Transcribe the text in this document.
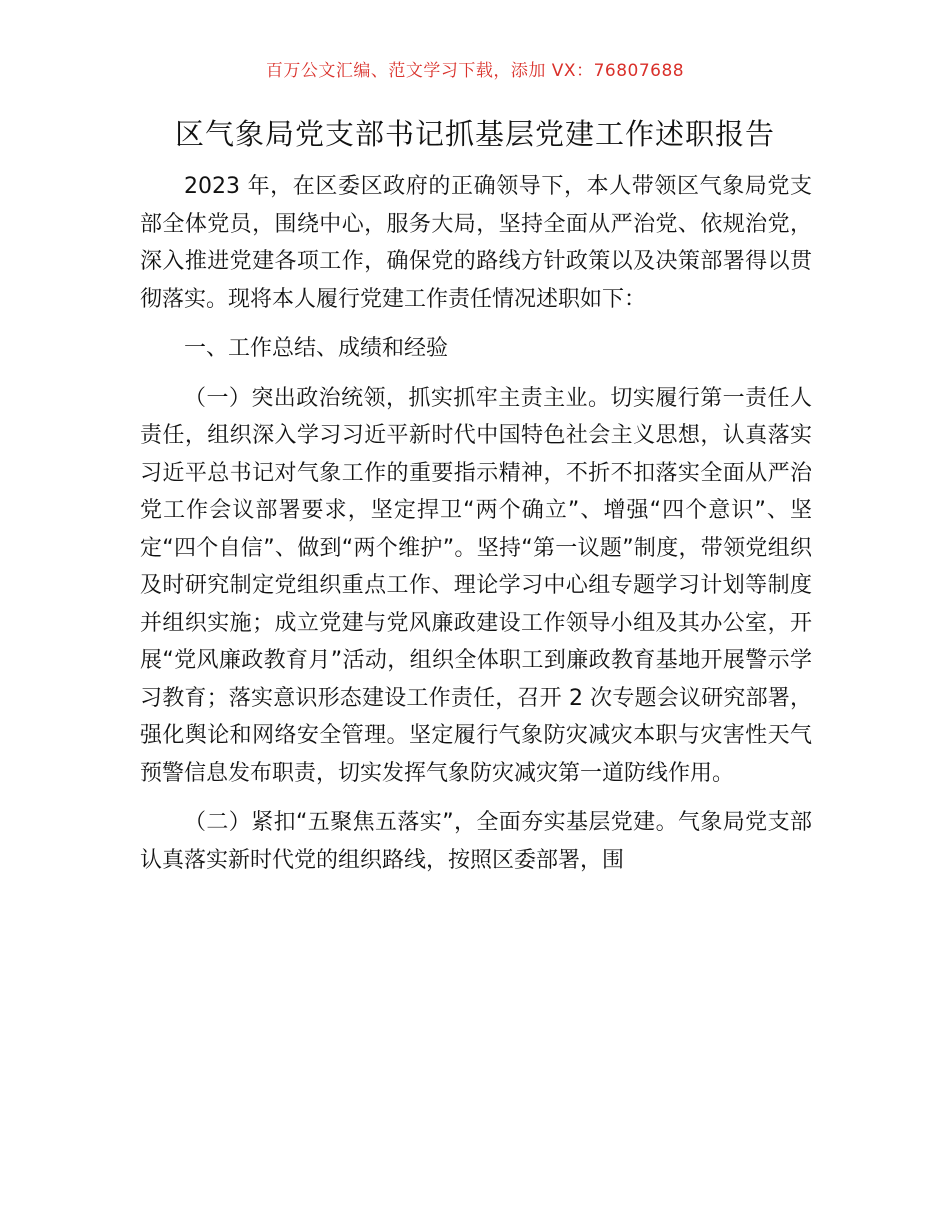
百万公文汇编、范文学习下载，添加 VX：76807688
区气象局党支部书记抓基层党建工作述职报告

2023 年，在区委区政府的正确领导下，本人带领区气象局党支部全体党员，围绕中心，服务大局，坚持全面从严治党、依规治党，深入推进党建各项工作，确保党的路线方针政策以及决策部署得以贯彻落实。现将本人履行党建工作责任情况述职如下：

一、工作总结、成绩和经验

（一）突出政治统领，抓实抓牢主责主业。切实履行第一责任人责任，组织深入学习习近平新时代中国特色社会主义思想，认真落实习近平总书记对气象工作的重要指示精神，不折不扣落实全面从严治党工作会议部署要求，坚定捍卫“两个确立”、增强“四个意识”、坚定“四个自信”、做到“两个维护”。坚持“第一议题”制度，带领党组织及时研究制定党组织重点工作、理论学习中心组专题学习计划等制度并组织实施；成立党建与党风廉政建设工作领导小组及其办公室，开展“党风廉政教育月”活动，组织全体职工到廉政教育基地开展警示学习教育；落实意识形态建设工作责任，召开 2 次专题会议研究部署，强化舆论和网络安全管理。坚定履行气象防灾减灾本职与灾害性天气预警信息发布职责，切实发挥气象防灾减灾第一道防线作用。

（二）紧扣“五聚焦五落实”，全面夯实基层党建。气象局党支部认真落实新时代党的组织路线，按照区委部署，围
